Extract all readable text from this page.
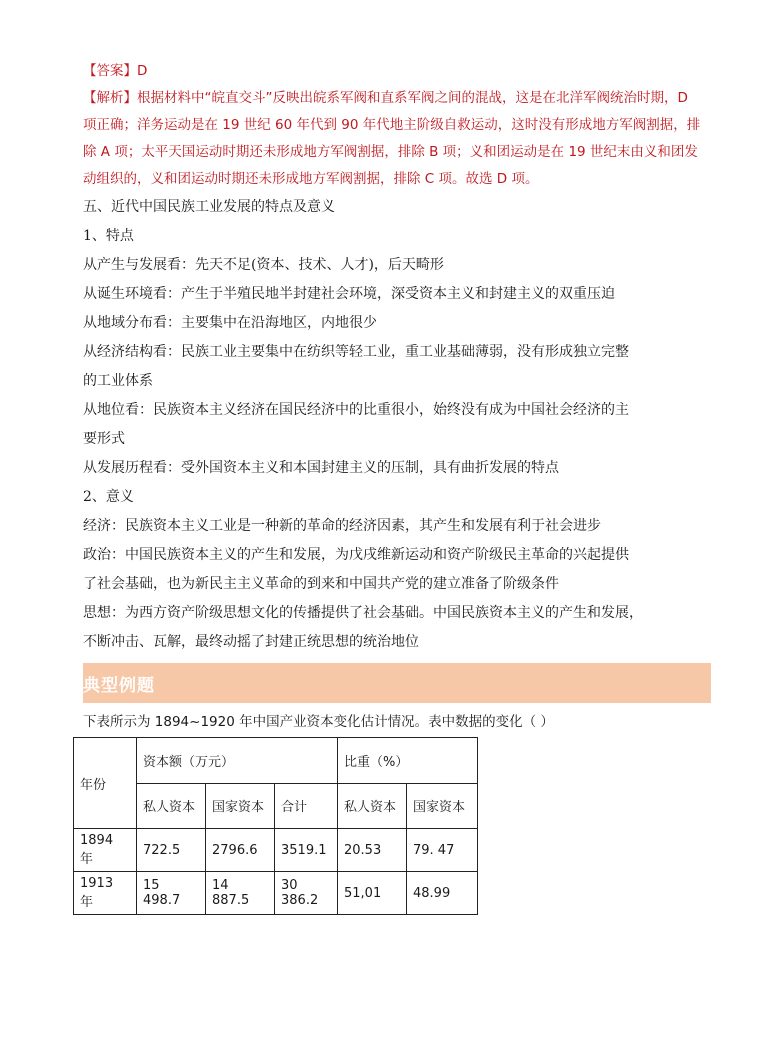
【答案】D
【解析】根据材料中“皖直交斗”反映出皖系军阀和直系军阀之间的混战，这是在北洋军阀统治时期，D
项正确；洋务运动是在 19 世纪 60 年代到 90 年代地主阶级自救运动，这时没有形成地方军阀割据，排
除 A 项；太平天国运动时期还未形成地方军阀割据，排除 B 项；义和团运动是在 19 世纪末由义和团发
动组织的，义和团运动时期还未形成地方军阀割据，排除 C 项。故选 D 项。

五、近代中国民族工业发展的特点及意义

1、特点

从产生与发展看：先天不足(资本、技术、人才)，后天畸形

从诞生环境看：产生于半殖民地半封建社会环境，深受资本主义和封建主义的双重压迫

从地域分布看：主要集中在沿海地区，内地很少

从经济结构看：民族工业主要集中在纺织等轻工业，重工业基础薄弱，没有形成独立完整

的工业体系

从地位看：民族资本主义经济在国民经济中的比重很小，始终没有成为中国社会经济的主

要形式

从发展历程看：受外国资本主义和本国封建主义的压制，具有曲折发展的特点

2、意义

经济：民族资本主义工业是一种新的革命的经济因素，其产生和发展有利于社会进步

政治：中国民族资本主义的产生和发展，为戊戌维新运动和资产阶级民主革命的兴起提供

了社会基础，也为新民主主义革命的到来和中国共产党的建立准备了阶级条件

思想：为西方资产阶级思想文化的传播提供了社会基础。中国民族资本主义的产生和发展，

不断冲击、瓦解，最终动摇了封建正统思想的统治地位

典型例题
下表所示为 1894~1920 年中国产业资本变化估计情况。表中数据的变化（ ）
年份	资本额（万元）			比重（%）	
	私人资本	国家资本	合计	私人资本	国家资本
1894 年	722.5	2796.6	3519.1	20.53	79. 47
1913 年	15 498.7	14 887.5	30 386.2	51,01	48.99
